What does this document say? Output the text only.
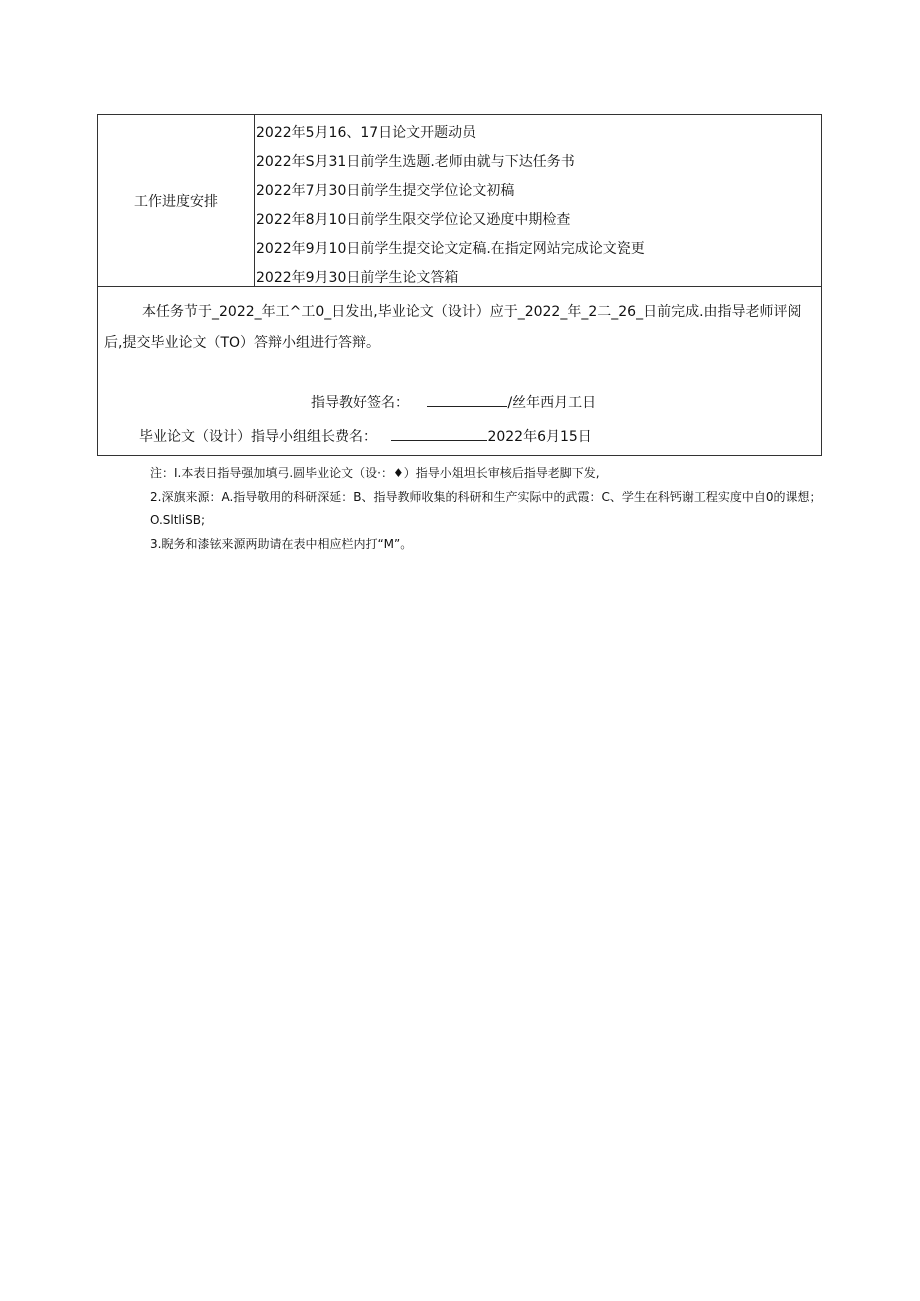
工作进度安排
2022年5月16、17日论文开题动员
2022年S月31日前学生选题.老师由就与下达任务书
2022年7月30日前学生提交学位论文初稿
2022年8月10日前学生限交学位论又逊度中期检查
2022年9月10日前学生提交论文定稿.在指定网站完成论文瓷更
2022年9月30日前学生论文答箱
本任务节于_2022_年工^工0_日发出,毕业论文（设计）应于_2022_年_2二_26_日前完成.由指导老师评阅后,提交毕业论文（TO）答辩小组进行答辩。
指导教好签名：	/丝年西月工日
毕业论文（设计）指导小组组长费名：	2022年6月15日

注：I.本表日指导强加填弓.圆毕业论文（设·：♦）指导小俎坦长审核后指导老脚下发,

2.深旗来源：A.指导敬用的科研深延：B、指导教师收集的科研和生产实际中的武霞：C、学生在科钙谢工程实度中自0的课想；O.SltliSB;

3.睨务和漆铉来源两助请在表中相应栏内打“M”。
